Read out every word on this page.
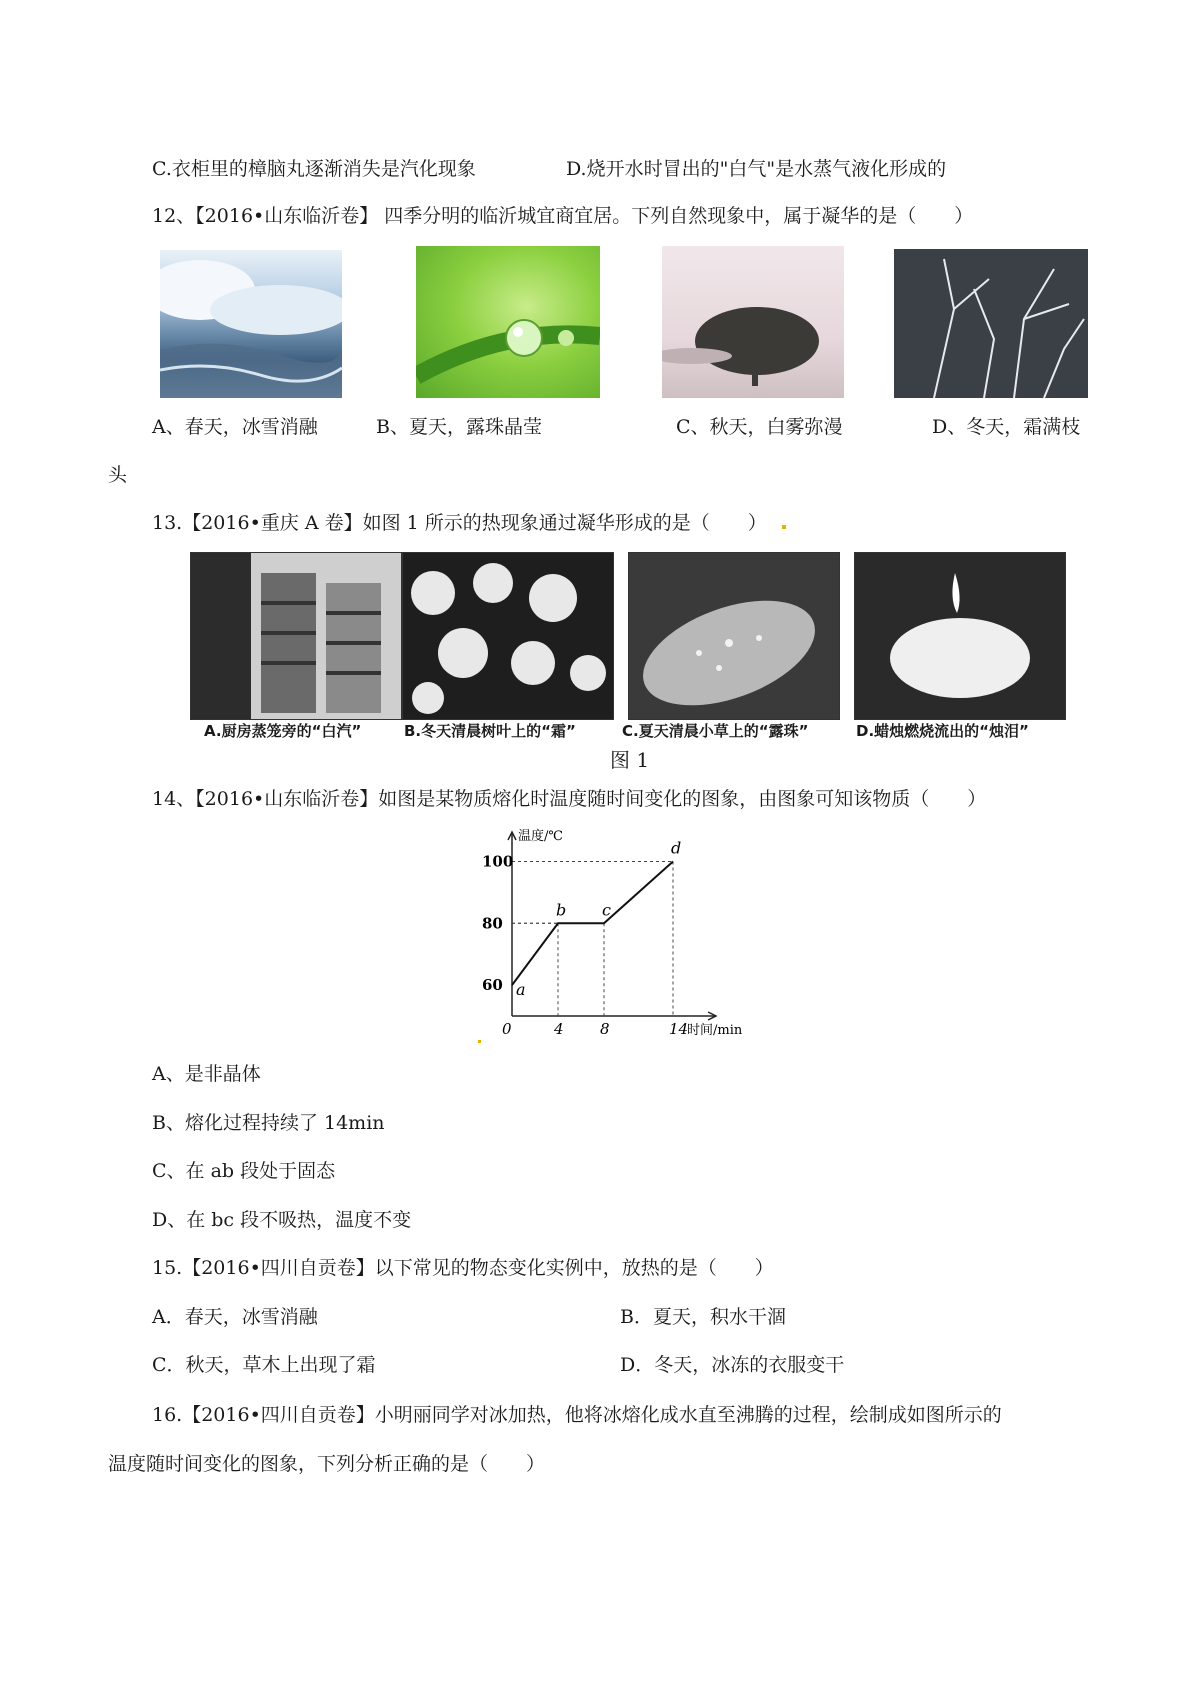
C.衣柜里的樟脑丸逐渐消失是汽化现象	D.烧开水时冒出的"白气"是水蒸气液化形成的
12、【2016•山东临沂卷】 四季分明的临沂城宜商宜居。下列自然现象中，属于凝华的是（　　）
A、春天，冰雪消融	B、夏天，露珠晶莹	C、秋天，白雾弥漫	D、冬天，霜满枝
头
13.【2016•重庆 A 卷】如图 1 所示的热现象通过凝华形成的是（　　）
A.厨房蒸笼旁的“白汽”	B.冬天清晨树叶上的“霜”	C.夏天清晨小草上的“露珠”	D.蜡烛燃烧流出的“烛泪”
图 1
14、【2016•山东临沂卷】如图是某物质熔化时温度随时间变化的图象，由图象可知该物质（　　）
0	4 8	14
60
80
100
a
b c
d
温度/℃
时间/min
A、是非晶体
B、熔化过程持续了 14min
C、在 ab 段处于固态
D、在 bc 段不吸热，温度不变
15.【2016•四川自贡卷】以下常见的物态变化实例中，放热的是（　　）
A．春天，冰雪消融	B．夏天，积水干涸
C．秋天，草木上出现了霜	D．冬天，冰冻的衣服变干
16.【2016•四川自贡卷】小明丽同学对冰加热，他将冰熔化成水直至沸腾的过程，绘制成如图所示的
温度随时间变化的图象，下列分析正确的是（　　）
